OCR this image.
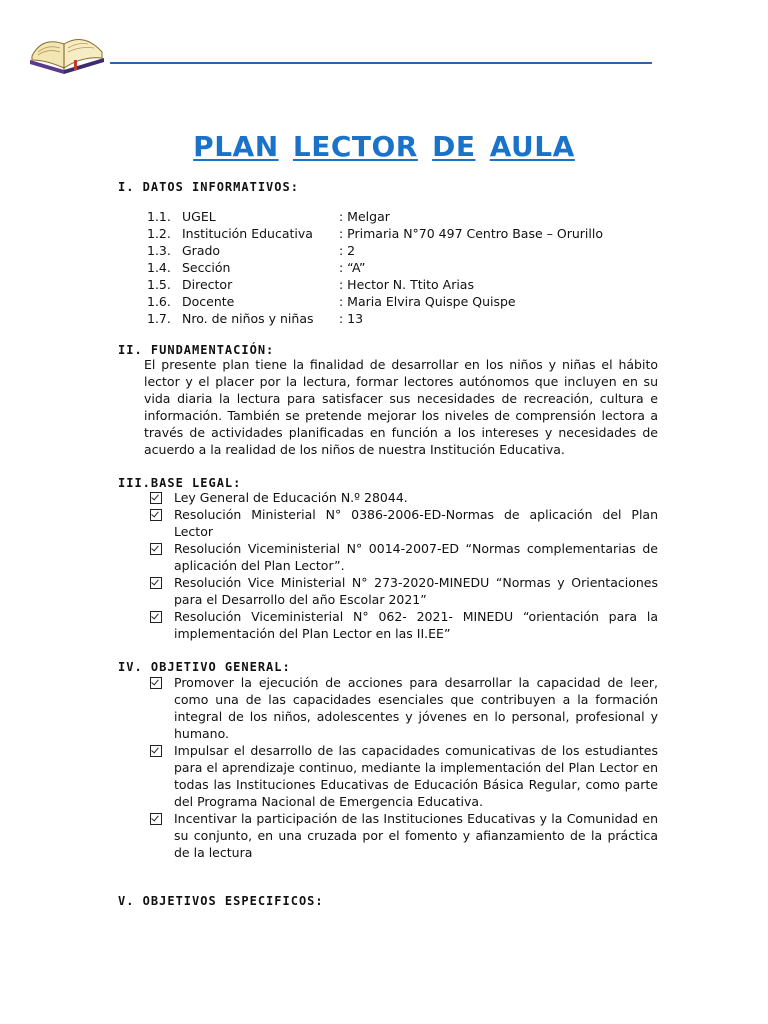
PLAN LECTOR DE AULA
I. DATOS INFORMATIVOS:
1.1. UGEL	: Melgar
1.2. Institución Educativa	: Primaria N°70 497 Centro Base – Orurillo
1.3. Grado	: 2
1.4. Sección	: “A”
1.5. Director	: Hector N. Ttito Arias
1.6. Docente	: Maria Elvira Quispe Quispe
1.7. Nro. de niños y niñas	: 13
II. FUNDAMENTACIÓN:

El presente plan tiene la finalidad de desarrollar en los niños y niñas el hábito lector y el placer por la lectura, formar lectores autónomos que incluyen en su vida diaria la lectura para satisfacer sus necesidades de recreación, cultura e información. También se pretende mejorar los niveles de comprensión lectora a través de actividades planificadas en función a los intereses y necesidades de acuerdo a la realidad de los niños de nuestra Institución Educativa.

III.BASE LEGAL:
Ley General de Educación N.º 28044.
Resolución Ministerial N° 0386-2006-ED-Normas de aplicación del Plan Lector
Resolución Viceministerial N° 0014-2007-ED “Normas complementarias de aplicación del Plan Lector”.
Resolución Vice Ministerial N° 273-2020-MINEDU “Normas y Orientaciones para el Desarrollo del año Escolar 2021”
Resolución Viceministerial N° 062- 2021- MINEDU “orientación para la implementación del Plan Lector en las II.EE”
IV. OBJETIVO GENERAL:
Promover la ejecución de acciones para desarrollar la capacidad de leer, como una de las capacidades esenciales que contribuyen a la formación integral de los niños, adolescentes y jóvenes en lo personal, profesional y humano.
Impulsar el desarrollo de las capacidades comunicativas de los estudiantes para el aprendizaje continuo, mediante la implementación del Plan Lector en todas las Instituciones Educativas de Educación Básica Regular, como parte del Programa Nacional de Emergencia Educativa.
Incentivar la participación de las Instituciones Educativas y la Comunidad en su conjunto, en una cruzada por el fomento y afianzamiento de la práctica de la lectura
V. OBJETIVOS ESPECIFICOS:
